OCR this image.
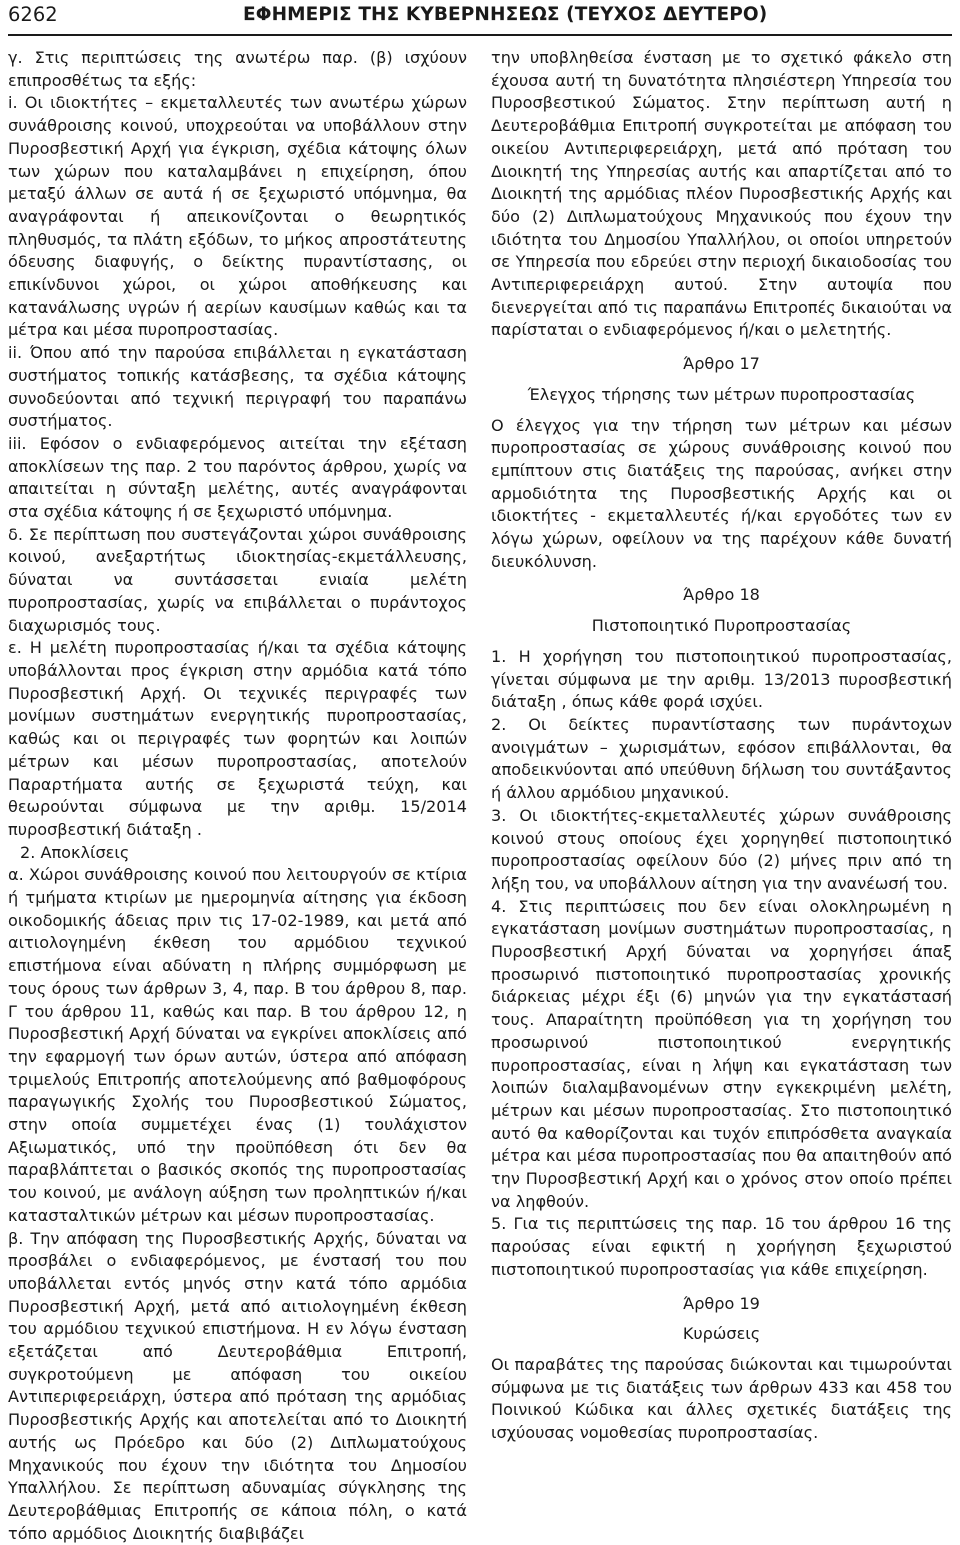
6262	ΕΦΗΜΕΡΙΣ ΤΗΣ ΚΥΒΕΡΝΗΣΕΩΣ (ΤΕΥΧΟΣ ΔΕΥΤΕΡΟ)

γ. Στις περιπτώσεις της ανωτέρω παρ. (β) ισχύουν επιπροσθέτως τα εξής:

i. Οι ιδιοκτήτες – εκμεταλλευτές των ανωτέρω χώρων συνάθροισης κοινού, υποχρεούται να υποβάλλουν στην Πυροσβεστική Αρχή για έγκριση, σχέδια κάτοψης όλων των χώρων που καταλαμβάνει η επιχείρηση, όπου μεταξύ άλλων σε αυτά ή σε ξεχωριστό υπόμνημα, θα αναγράφονται ή απεικονίζονται ο θεωρητικός πληθυσμός, τα πλάτη εξόδων, το μήκος απροστάτευτης όδευσης διαφυγής, ο δείκτης πυραντίστασης, οι επικίνδυνοι χώροι, οι χώροι αποθήκευσης και κατανάλωσης υγρών ή αερίων καυσίμων καθώς και τα μέτρα και μέσα πυροπροστασίας.

ii. Όπου από την παρούσα επιβάλλεται η εγκατάσταση συστήματος τοπικής κατάσβεσης, τα σχέδια κάτοψης συνοδεύονται από τεχνική περιγραφή του παραπάνω συστήματος.

iii. Εφόσον ο ενδιαφερόμενος αιτείται την εξέταση αποκλίσεων της παρ. 2 του παρόντος άρθρου, χωρίς να απαιτείται η σύνταξη μελέτης, αυτές αναγράφονται στα σχέδια κάτοψης ή σε ξεχωριστό υπόμνημα.

δ. Σε περίπτωση που συστεγάζονται χώροι συνάθροισης κοινού, ανεξαρτήτως ιδιοκτησίας-εκμετάλλευσης, δύναται να συντάσσεται ενιαία μελέτη πυροπροστασίας, χωρίς να επιβάλλεται ο πυράντοχος διαχωρισμός τους.

ε. Η μελέτη πυροπροστασίας ή/και τα σχέδια κάτοψης υποβάλλονται προς έγκριση στην αρμόδια κατά τόπο Πυροσβεστική Αρχή. Οι τεχνικές περιγραφές των μονίμων συστημάτων ενεργητικής πυροπροστασίας, καθώς και οι περιγραφές των φορητών και λοιπών μέτρων και μέσων πυροπροστασίας, αποτελούν Παραρτήματα αυτής σε ξεχωριστά τεύχη, και θεωρούνται σύμφωνα με την αριθμ. 15/2014 πυροσβεστική διάταξη .

2. Αποκλίσεις

α. Χώροι συνάθροισης κοινού που λειτουργούν σε κτίρια ή τμήματα κτιρίων με ημερομηνία αίτησης για έκδοση οικοδομικής άδειας πριν τις 17-02-1989, και μετά από αιτιολογημένη έκθεση του αρμόδιου τεχνικού επιστήμονα είναι αδύνατη η πλήρης συμμόρφωση με τους όρους των άρθρων 3, 4, παρ. Β του άρθρου 8, παρ. Γ του άρθρου 11, καθώς και παρ. Β του άρθρου 12, η Πυροσβεστική Αρχή δύναται να εγκρίνει αποκλίσεις από την εφαρμογή των όρων αυτών, ύστερα από απόφαση τριμελούς Επιτροπής αποτελούμενης από βαθμοφόρους παραγωγικής Σχολής του Πυροσβεστικού Σώματος, στην οποία συμμετέχει ένας (1) τουλάχιστον Αξιωματικός, υπό την προϋπόθεση ότι δεν θα παραβλάπτεται ο βασικός σκοπός της πυροπροστασίας του κοινού, με ανάλογη αύξηση των προληπτικών ή/και κατασταλτικών μέτρων και μέσων πυροπροστασίας.

β. Την απόφαση της Πυροσβεστικής Αρχής, δύναται να προσβάλει ο ενδιαφερόμενος, με ένστασή του που υποβάλλεται εντός μηνός στην κατά τόπο αρμόδια Πυροσβεστική Αρχή, μετά από αιτιολογημένη έκθεση του αρμόδιου τεχνικού επιστήμονα. Η εν λόγω ένσταση εξετάζεται από Δευτεροβάθμια Επιτροπή, συγκροτούμενη με απόφαση του οικείου Αντιπεριφερειάρχη, ύστερα από πρόταση της αρμόδιας Πυροσβεστικής Αρχής και αποτελείται από το Διοικητή αυτής ως Πρόεδρο και δύο (2) Διπλωματούχους Μηχανικούς που έχουν την ιδιότητα του Δημοσίου Υπαλλήλου. Σε περίπτωση αδυναμίας σύγκλησης της Δευτεροβάθμιας Επιτροπής σε κάποια πόλη, ο κατά τόπο αρμόδιος Διοικητής διαβιβάζει

την υποβληθείσα ένσταση με το σχετικό φάκελο στη έχουσα αυτή τη δυνατότητα πλησιέστερη Υπηρεσία του Πυροσβεστικού Σώματος. Στην περίπτωση αυτή η Δευτεροβάθμια Επιτροπή συγκροτείται με απόφαση του οικείου Αντιπεριφερειάρχη, μετά από πρόταση του Διοικητή της Υπηρεσίας αυτής και απαρτίζεται από το Διοικητή της αρμόδιας πλέον Πυροσβεστικής Αρχής και δύο (2) Διπλωματούχους Μηχανικούς που έχουν την ιδιότητα του Δημοσίου Υπαλλήλου, οι οποίοι υπηρετούν σε Υπηρεσία που εδρεύει στην περιοχή δικαιοδοσίας του Αντιπεριφερειάρχη αυτού. Στην αυτοψία που διενεργείται από τις παραπάνω Επιτροπές δικαιούται να παρίσταται ο ενδιαφερόμενος ή/και ο μελετητής.

Άρθρο 17

Έλεγχος τήρησης των μέτρων πυροπροστασίας

Ο έλεγχος για την τήρηση των μέτρων και μέσων πυροπροστασίας σε χώρους συνάθροισης κοινού που εμπίπτουν στις διατάξεις της παρούσας, ανήκει στην αρμοδιότητα της Πυροσβεστικής Αρχής και οι ιδιοκτήτες - εκμεταλλευτές ή/και εργοδότες των εν λόγω χώρων, οφείλουν να της παρέχουν κάθε δυνατή διευκόλυνση.

Άρθρο 18

Πιστοποιητικό Πυροπροστασίας

1. Η χορήγηση του πιστοποιητικού πυροπροστασίας, γίνεται σύμφωνα με την αριθμ. 13/2013 πυροσβεστική διάταξη , όπως κάθε φορά ισχύει.

2. Οι δείκτες πυραντίστασης των πυράντοχων ανοιγμάτων – χωρισμάτων, εφόσον επιβάλλονται, θα αποδεικνύονται από υπεύθυνη δήλωση του συντάξαντος ή άλλου αρμόδιου μηχανικού.

3. Οι ιδιοκτήτες-εκμεταλλευτές χώρων συνάθροισης κοινού στους οποίους έχει χορηγηθεί πιστοποιητικό πυροπροστασίας οφείλουν δύο (2) μήνες πριν από τη λήξη του, να υποβάλλουν αίτηση για την ανανέωσή του.

4. Στις περιπτώσεις που δεν είναι ολοκληρωμένη η εγκατάσταση μονίμων συστημάτων πυροπροστασίας, η Πυροσβεστική Αρχή δύναται να χορηγήσει άπαξ προσωρινό πιστοποιητικό πυροπροστασίας χρονικής διάρκειας μέχρι έξι (6) μηνών για την εγκατάστασή τους. Απαραίτητη προϋπόθεση για τη χορήγηση του προσωρινού πιστοποιητικού ενεργητικής πυροπροστασίας, είναι η λήψη και εγκατάσταση των λοιπών διαλαμβανομένων στην εγκεκριμένη μελέτη, μέτρων και μέσων πυροπροστασίας. Στο πιστοποιητικό αυτό θα καθορίζονται και τυχόν επιπρόσθετα αναγκαία μέτρα και μέσα πυροπροστασίας που θα απαιτηθούν από την Πυροσβεστική Αρχή και ο χρόνος στον οποίο πρέπει να ληφθούν.

5. Για τις περιπτώσεις της παρ. 1δ του άρθρου 16 της παρούσας είναι εφικτή η χορήγηση ξεχωριστού πιστοποιητικού πυροπροστασίας για κάθε επιχείρηση.

Άρθρο 19

Κυρώσεις

Οι παραβάτες της παρούσας διώκονται και τιμωρούνται σύμφωνα με τις διατάξεις των άρθρων 433 και 458 του Ποινικού Κώδικα και άλλες σχετικές διατάξεις της ισχύουσας νομοθεσίας πυροπροστασίας.
